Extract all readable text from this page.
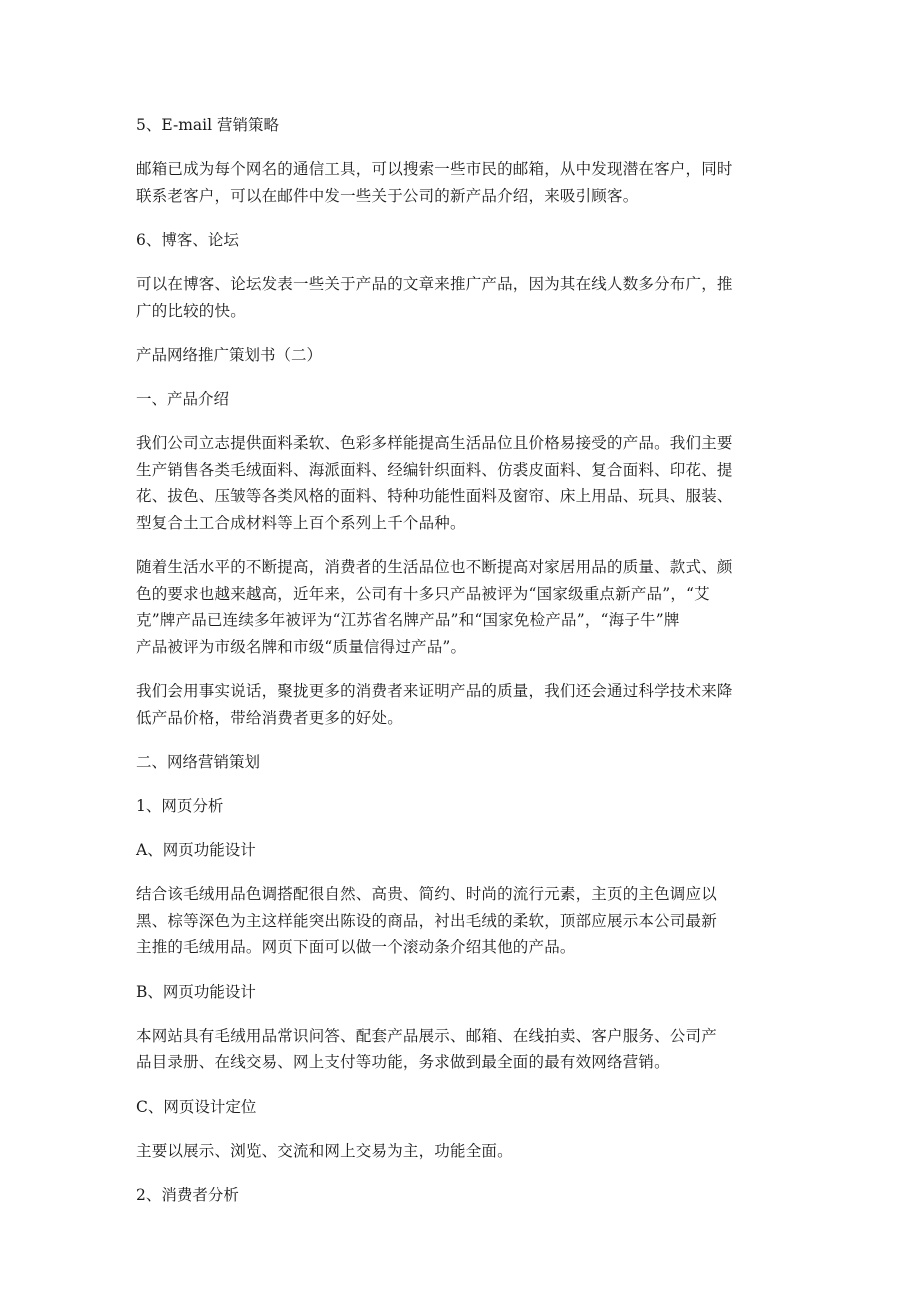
5、E-mail 营销策略
邮箱已成为每个网名的通信工具，可以搜索一些市民的邮箱，从中发现潜在客户，同时
联系老客户，可以在邮件中发一些关于公司的新产品介绍，来吸引顾客。
6、博客、论坛
可以在博客、论坛发表一些关于产品的文章来推广产品，因为其在线人数多分布广，推
广的比较的快。
产品网络推广策划书（二）
一、产品介绍
我们公司立志提供面料柔软、色彩多样能提高生活品位且价格易接受的产品。我们主要
生产销售各类毛绒面料、海派面料、经编针织面料、仿裘皮面料、复合面料、印花、提
花、拔色、压皱等各类风格的面料、特种功能性面料及窗帘、床上用品、玩具、服装、
型复合土工合成材料等上百个系列上千个品种。
随着生活水平的不断提高，消费者的生活品位也不断提高对家居用品的质量、款式、颜
色的要求也越来越高，近年来，公司有十多只产品被评为“国家级重点新产品”，“艾
克”牌产品已连续多年被评为“江苏省名牌产品”和“国家免检产品”，“海子牛”牌
产品被评为市级名牌和市级“质量信得过产品”。
我们会用事实说话，聚拢更多的消费者来证明产品的质量，我们还会通过科学技术来降
低产品价格，带给消费者更多的好处。
二、网络营销策划
1、网页分析
A、网页功能设计
结合该毛绒用品色调搭配很自然、高贵、简约、时尚的流行元素，主页的主色调应以
黑、棕等深色为主这样能突出陈设的商品，衬出毛绒的柔软，顶部应展示本公司最新
主推的毛绒用品。网页下面可以做一个滚动条介绍其他的产品。
B、网页功能设计
本网站具有毛绒用品常识问答、配套产品展示、邮箱、在线拍卖、客户服务、公司产
品目录册、在线交易、网上支付等功能，务求做到最全面的最有效网络营销。
C、网页设计定位
主要以展示、浏览、交流和网上交易为主，功能全面。
2、消费者分析
